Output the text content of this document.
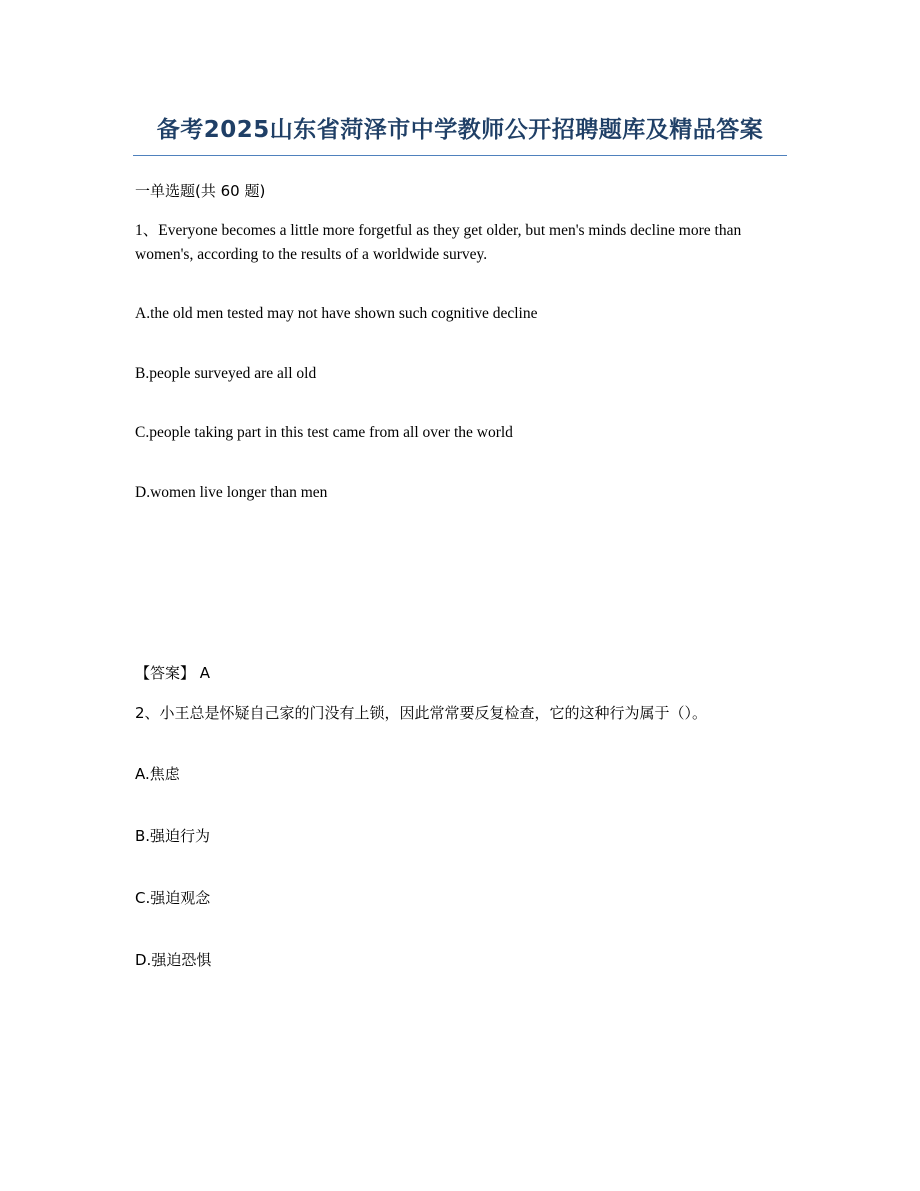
备考2025山东省菏泽市中学教师公开招聘题库及精品答案
一单选题(共 60 题)
1、Everyone becomes a little more forgetful as they get older, but men's minds decline more than women's, according to the results of a worldwide survey.
A.the old men tested may not have shown such cognitive decline
B.people surveyed are all old
C.people taking part in this test came from all over the world
D.women live longer than men
【答案】 A
2、小王总是怀疑自己家的门没有上锁，因此常常要反复检查，它的这种行为属于（）。
A.焦虑
B.强迫行为
C.强迫观念
D.强迫恐惧
